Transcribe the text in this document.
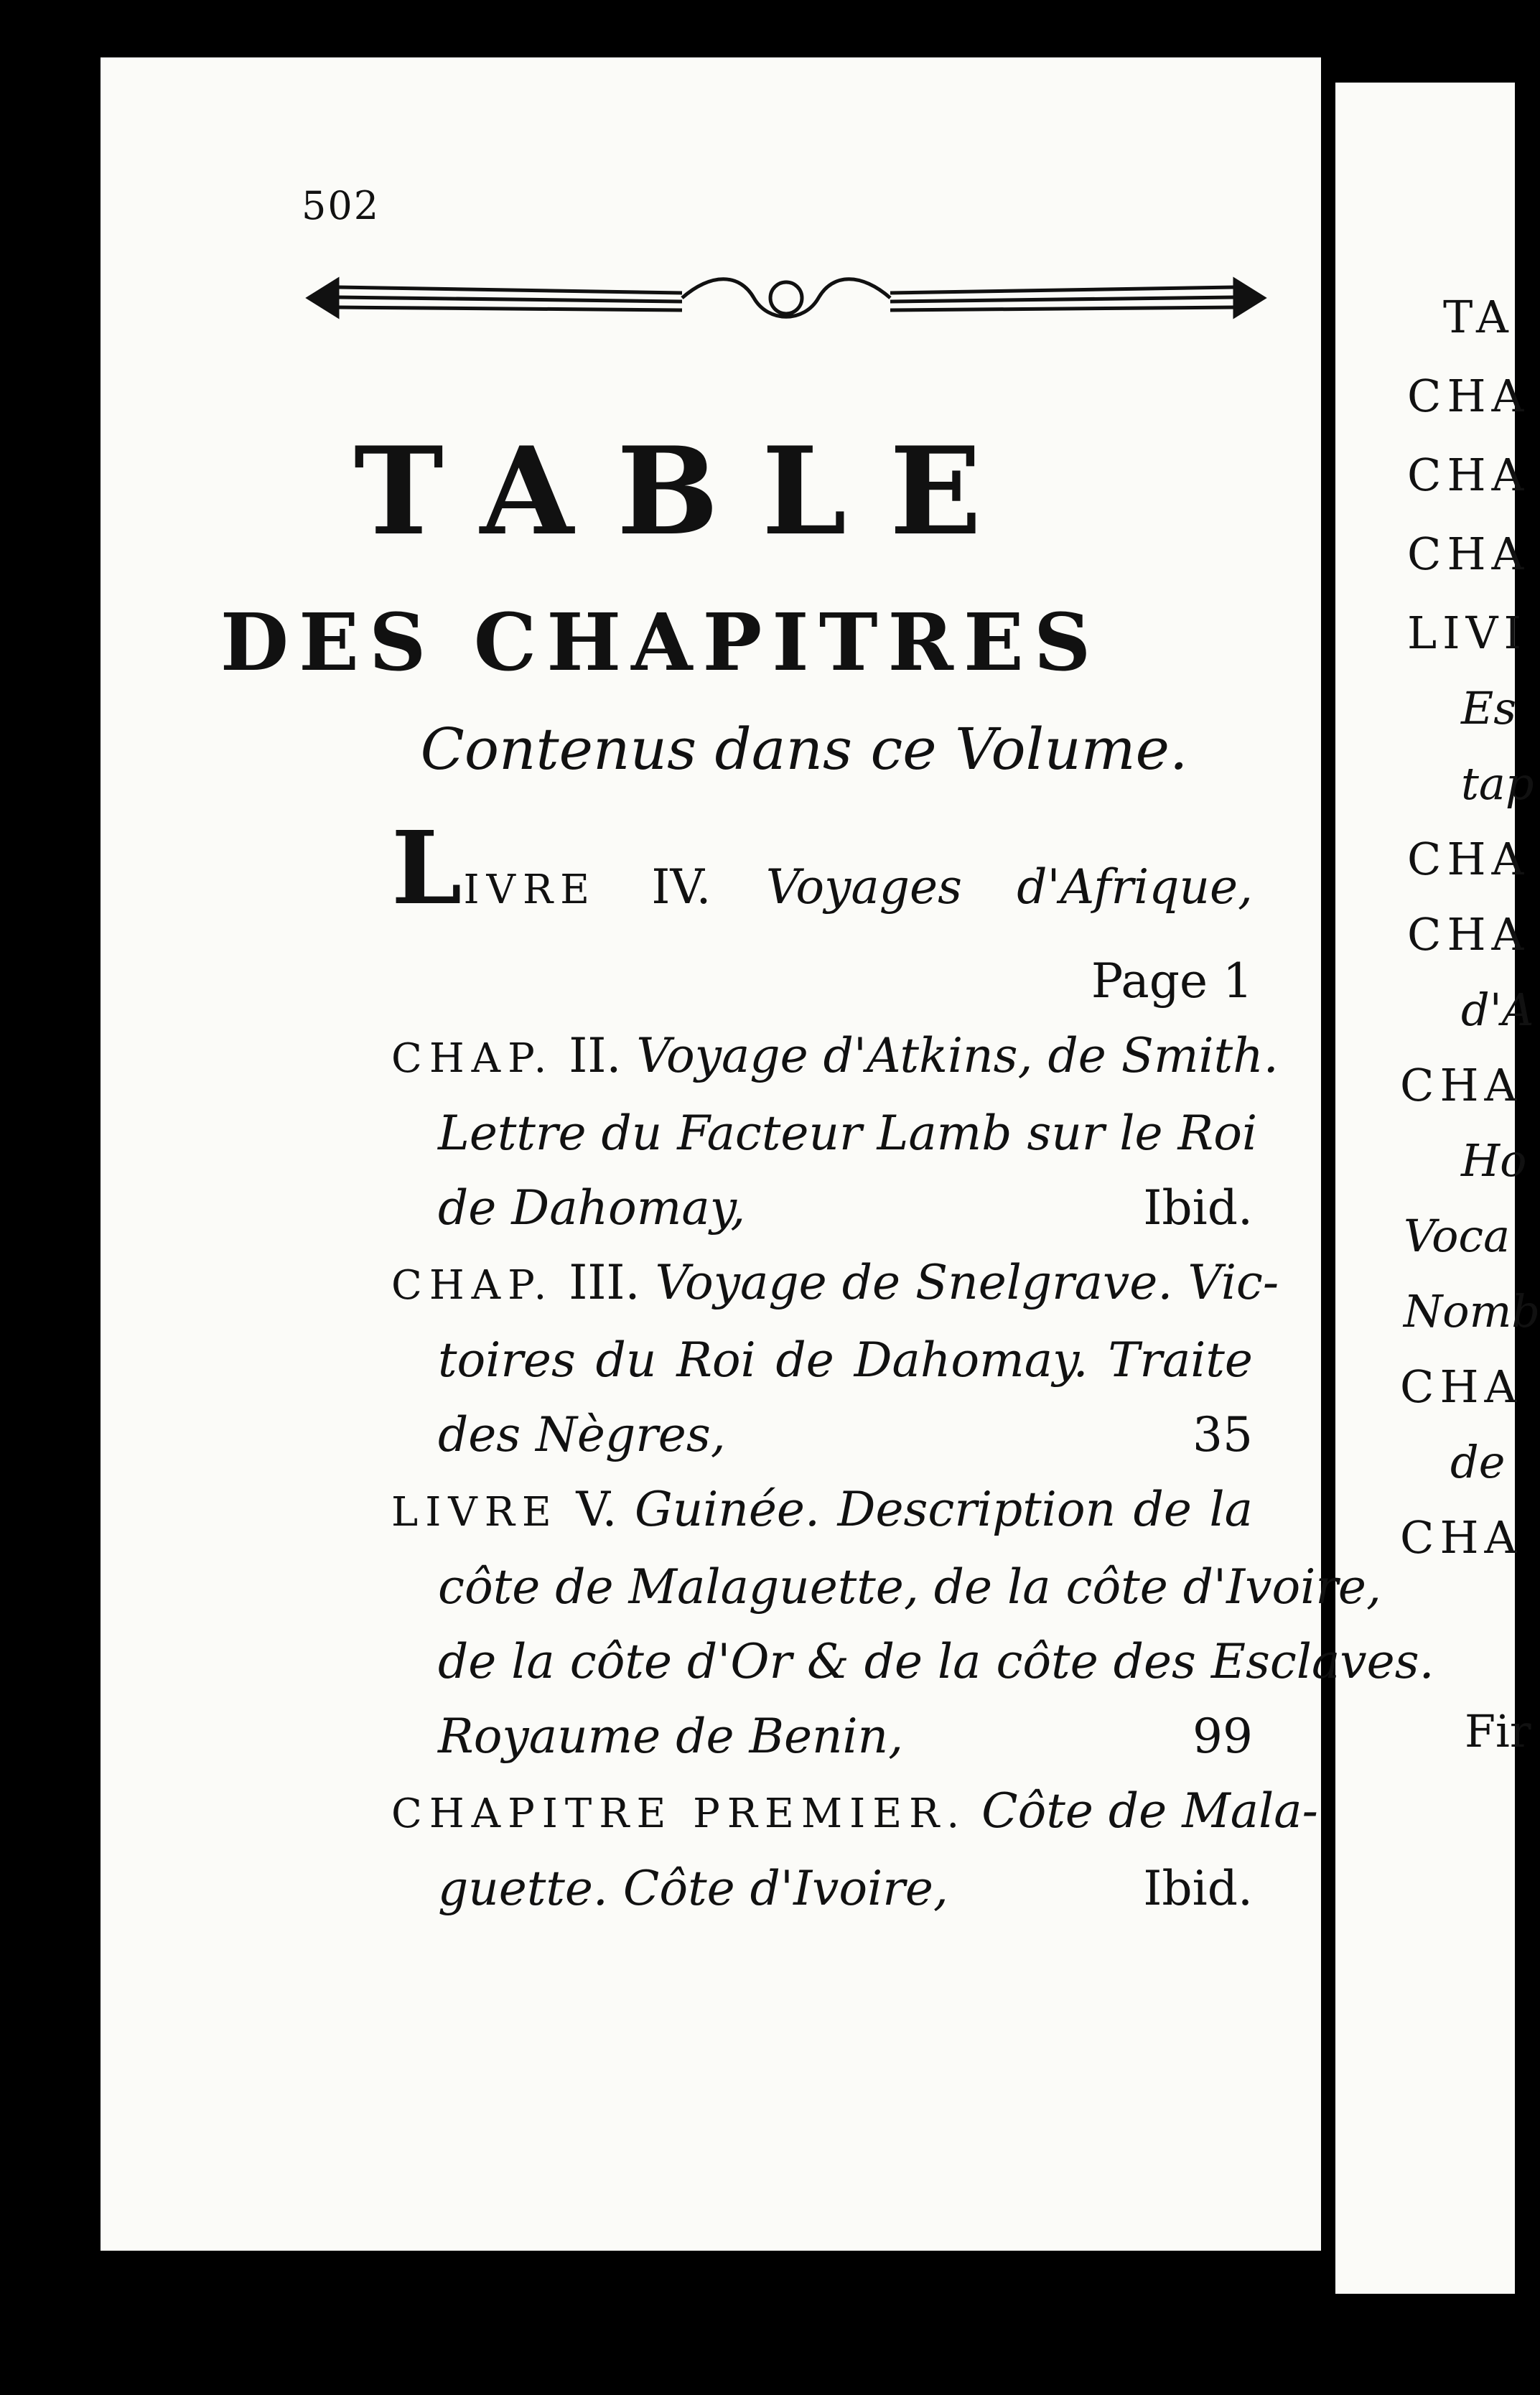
TA
CHA
CHA
CHA
LIVI
Es
tap
CHA
CHA
d'A
CHA
Ho
Voca
Nomb
CHA
de
CHA
Fir
502
TABLE
DES CHAPITRES
Contenus dans ce Volume.
LIVRE IV. Voyages d'Afrique,
Page 1
CHAP. II. Voyage d'Atkins, de Smith.
Lettre du Facteur Lamb sur le Roi
de Dahomay,	Ibid.
CHAP. III. Voyage de Snelgrave. Vic-
toires du Roi de Dahomay. Traite
des Nègres,	35
LIVRE V. Guinée. Description de la
côte de Malaguette, de la côte d'Ivoire,
de la côte d'Or & de la côte des Esclaves.
Royaume de Benin,	99
CHAPITRE PREMIER. Côte de Mala-
guette. Côte d'Ivoire,	Ibid.
